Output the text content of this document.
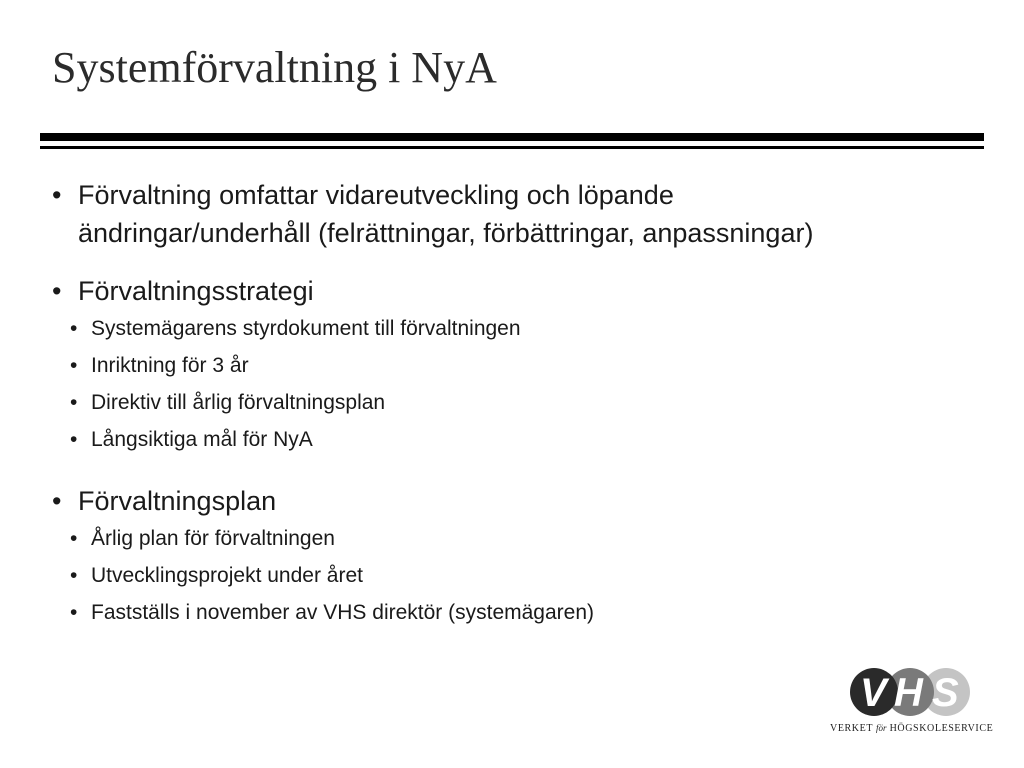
Systemförvaltning i NyA

• Förvaltning omfattar vidareutveckling och löpande
ändringar/underhåll (felrättningar, förbättringar, anpassningar)

• Förvaltningsstrategi

• Systemägarens styrdokument till förvaltningen
• Inriktning för 3 år
• Direktiv till årlig förvaltningsplan
• Långsiktiga mål för NyA

• Förvaltningsplan

• Årlig plan för förvaltningen
• Utvecklingsprojekt under året
• Fastställs i november av VHS direktör (systemägaren)
V H S
VERKET för HÖGSKOLESERVICE
